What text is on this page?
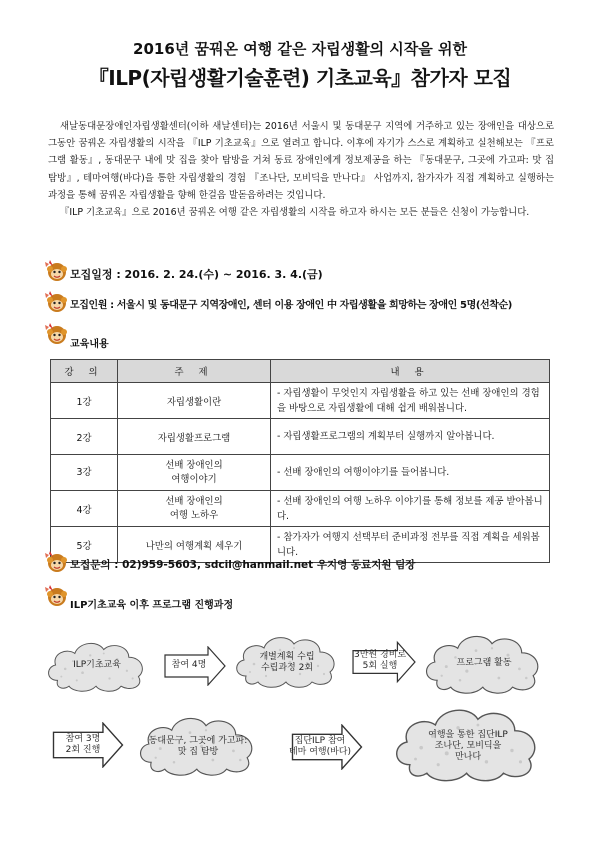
2016년 꿈꿔온 여행 같은 자립생활의 시작을 위한
『ILP(자립생활기술훈련) 기초교육』참가자 모집

새날동대문장애인자립생활센터(이하 새날센터)는 2016년 서울시 및 동대문구 지역에 거주하고 있는 장애인을 대상으로 그동안 꿈꿔온 자립생활의 시작을 『ILP 기초교육』으로 열려고 합니다. 이후에 자기가 스스로 계획하고 실천해보는 『프로그램 활동』, 동대문구 내에 맛 집을 찾아 탐방을 거쳐 동료 장애인에게 정보제공을 하는 『동대문구, 그곳에 가고파: 맛 집 탐방』, 테마여행(바다)을 통한 자립생활의 경험 『조나단, 모비딕을 만나다』 사업까지, 참가자가 직접 계획하고 실행하는 과정을 통해 꿈꿔온 자립생활을 향해 한걸음 발돋음하려는 것입니다.

『ILP 기초교육』으로 2016년 꿈꿔온 여행 같은 자립생활의 시작을 하고자 하시는 모든 분들은 신청이 가능합니다.

모집일정 : 2016. 2. 24.(수) ~ 2016. 3. 4.(금)
모집인원 : 서울시 및 동대문구 지역장애인, 센터 이용 장애인 中 자립생활을 희망하는 장애인 5명(선착순)
교육내용
강 의	주 제	내 용
1강	자립생활이란	- 자립생활이 무엇인지 자립생활을 하고 있는 선배 장애인의 경험을 바탕으로 자립생활에 대해 쉽게 배워봅니다.
2강	자립생활프로그램	- 자립생활프로그램의 계획부터 실행까지 알아봅니다.
3강	선배 장애인의
여행이야기	- 선배 장애인의 여행이야기를 들어봅니다.
4강	선배 장애인의
여행 노하우	- 선배 장애인의 여행 노하우 이야기를 통해 정보를 제공 받아봅니다.
5강	나만의 여행계획 세우기	- 참가자가 여행지 선택부터 준비과정 전부를 직접 계획을 세워봅니다.
모집문의 : 02)959-5603, sdcil@hanmail.net 우지영 동료지원 팀장
ILP기초교육 이후 프로그램 진행과정
ILP기초교육	참여 4명
개별계획 수립
수립과정 2회
3만원 경비로
5회 실행	프로그램 활동
참여 3명
2회 진행
동대문구, 그곳에 가고파:
맛 집 탐방
집단ILP 참여
테마 여행(바다)
여행을 통한 집단ILP
조나단, 모비딕을
만나다
